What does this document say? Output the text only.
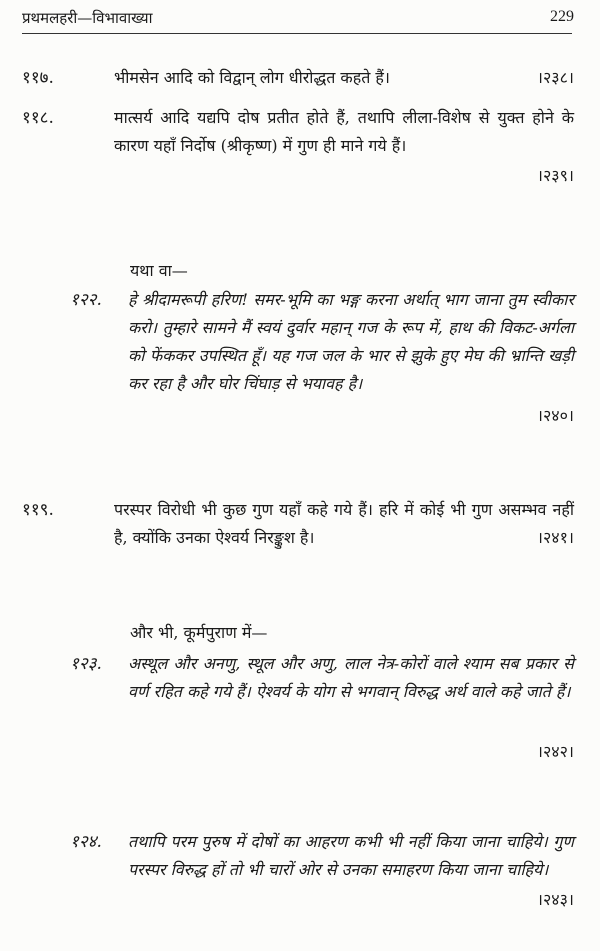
प्रथमलहरी—विभावाख्या	229
११७.	भीमसेन आदि को विद्वान् लोग धीरोद्धत कहते हैं।	।२३८।
११८.	मात्सर्य आदि यद्यपि दोष प्रतीत होते हैं, तथापि लीला-विशेष से युक्त होने के कारण यहाँ निर्दोष (श्रीकृष्ण) में गुण ही माने गये हैं।
।२३९।
यथा वा—
१२२. हे श्रीदामरूपी हरिण! समर-भूमि का भङ्ग करना अर्थात् भाग जाना तुम स्वीकार करो। तुम्हारे सामने मैं स्वयं दुर्वार महान् गज के रूप में, हाथ की विकट-अर्गला को फेंककर उपस्थित हूँ। यह गज जल के भार से झुके हुए मेघ की भ्रान्ति खड़ी कर रहा है और घोर चिंघाड़ से भयावह है।
।२४०।
११९.	परस्पर विरोधी भी कुछ गुण यहाँ कहे गये हैं। हरि में कोई भी गुण असम्भव नहीं है, क्योंकि उनका ऐश्वर्य निरङ्कुश है।	।२४१।
और भी, कूर्मपुराण में—
१२३. अस्थूल और अनणु, स्थूल और अणु, लाल नेत्र-कोरों वाले श्याम सब प्रकार से वर्ण रहित कहे गये हैं। ऐश्वर्य के योग से भगवान् विरुद्ध अर्थ वाले कहे जाते हैं।
।२४२।
१२४. तथापि परम पुरुष में दोषों का आहरण कभी भी नहीं किया जाना चाहिये। गुण परस्पर विरुद्ध हों तो भी चारों ओर से उनका समाहरण किया जाना चाहिये।
।२४३।
